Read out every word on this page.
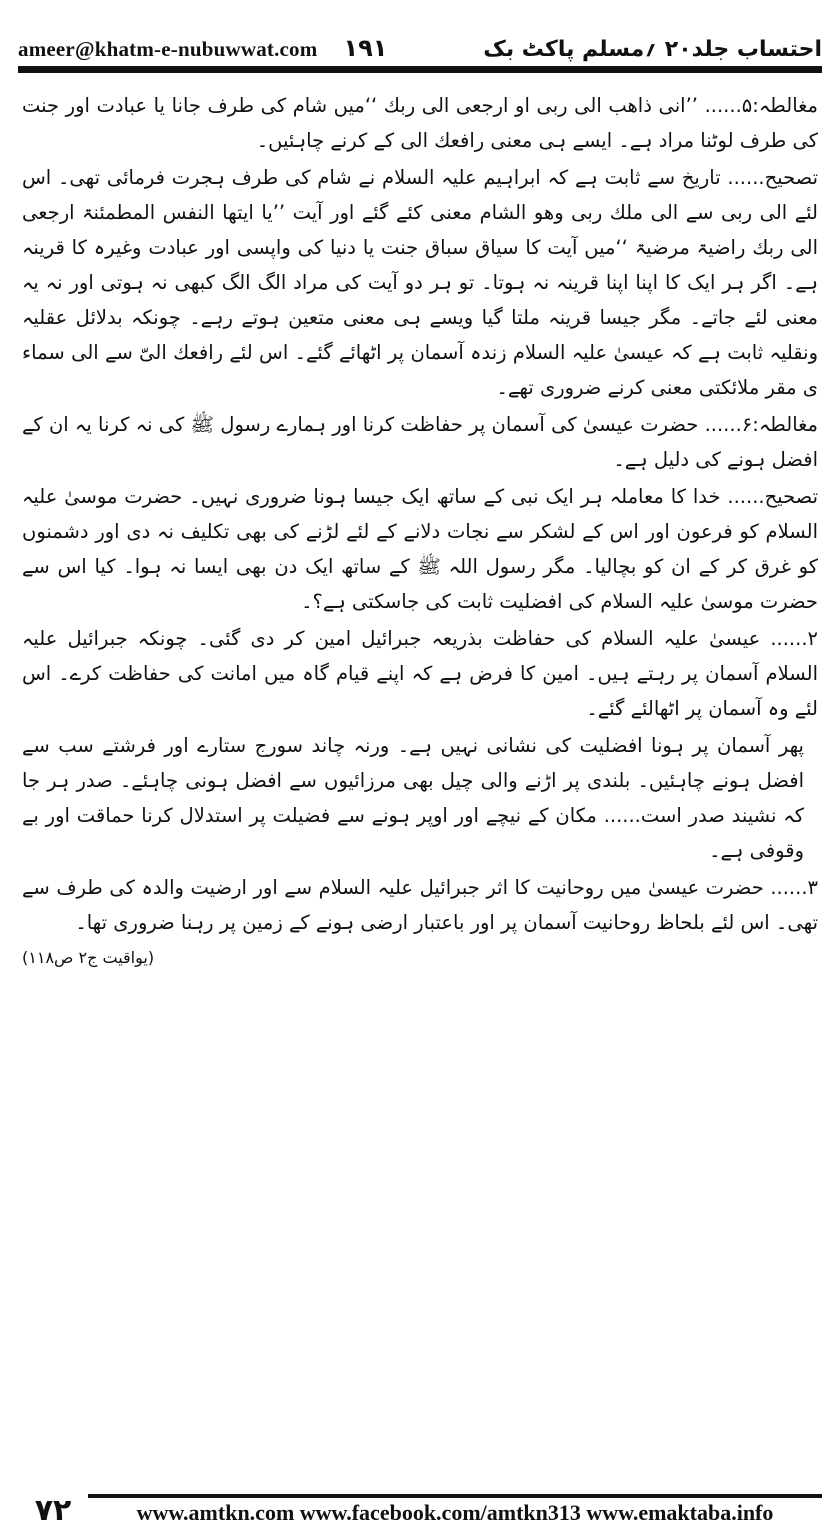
ameer@khatm-e-nubuwwat.com ۱۹۱	احتساب جلد۲۰ ؍مسلم پاکٹ بک

مغالطہ:۵...... ’’انی ذاھب الی ربی او ارجعی الی ربك ‘‘میں شام کی طرف جانا یا عبادت اور جنت کی طرف لوٹنا مراد ہے۔ ایسے ہی معنی رافعك الی کے کرنے چاہئیں۔

تصحیح...... تاریخ سے ثابت ہے کہ ابراہیم علیہ السلام نے شام کی طرف ہجرت فرمائی تھی۔ اس لئے الی ربی سے الی ملك ربی وھو الشام معنی کئے گئے اور آیت ’’یا ایتھا النفس المطمئنۃ ارجعی الی ربك راضیۃ مرضیۃ ‘‘میں آیت کا سیاق سباق جنت یا دنیا کی واپسی اور عبادت وغیرہ کا قرینہ ہے۔ اگر ہر ایک کا اپنا اپنا قرینہ نہ ہوتا۔ تو ہر دو آیت کی مراد الگ الگ کبھی نہ ہوتی اور نہ یہ معنی لئے جاتے۔ مگر جیسا قرینہ ملتا گیا ویسے ہی معنی متعین ہوتے رہے۔ چونکہ بدلائل عقلیہ ونقلیہ ثابت ہے کہ عیسیٰ علیہ السلام زندہ آسمان پر اٹھائے گئے۔ اس لئے رافعك الیّ سے الی سماء ی مقر ملائکتی معنی کرنے ضروری تھے۔

مغالطہ:۶...... حضرت عیسیٰ کی آسمان پر حفاظت کرنا اور ہمارے رسول ﷺ کی نہ کرنا یہ ان کے افضل ہونے کی دلیل ہے۔

تصحیح...... خدا کا معاملہ ہر ایک نبی کے ساتھ ایک جیسا ہونا ضروری نہیں۔ حضرت موسیٰ علیہ السلام کو فرعون اور اس کے لشکر سے نجات دلانے کے لئے لڑنے کی بھی تکلیف نہ دی اور دشمنوں کو غرق کر کے ان کو بچالیا۔ مگر رسول اللہ ﷺ کے ساتھ ایک دن بھی ایسا نہ ہوا۔ کیا اس سے حضرت موسیٰ علیہ السلام کی افضلیت ثابت کی جاسکتی ہے؟۔

۲...... عیسیٰ علیہ السلام کی حفاظت بذریعہ جبرائیل امین کر دی گئی۔ چونکہ جبرائیل علیہ السلام آسمان پر رہتے ہیں۔ امین کا فرض ہے کہ اپنے قیام گاہ میں امانت کی حفاظت کرے۔ اس لئے وہ آسمان پر اٹھالئے گئے۔

پھر آسمان پر ہونا افضلیت کی نشانی نہیں ہے۔ ورنہ چاند سورج ستارے اور فرشتے سب سے افضل ہونے چاہئیں۔ بلندی پر اڑنے والی چیل بھی مرزائیوں سے افضل ہونی چاہئے۔ صدر ہر جا کہ نشیند صدر است...... مکان کے نیچے اور اوپر ہونے سے فضیلت پر استدلال کرنا حماقت اور بے وقوفی ہے۔

۳...... حضرت عیسیٰ میں روحانیت کا اثر جبرائیل علیہ السلام سے اور ارضیت والدہ کی طرف سے تھی۔ اس لئے بلحاظ روحانیت آسمان پر اور باعتبار ارضی ہونے کے زمین پر رہنا ضروری تھا۔
(یواقیت ج۲ ص۱۱۸)

۷۲	www.amtkn.com www.facebook.com/amtkn313 www.emaktaba.info
